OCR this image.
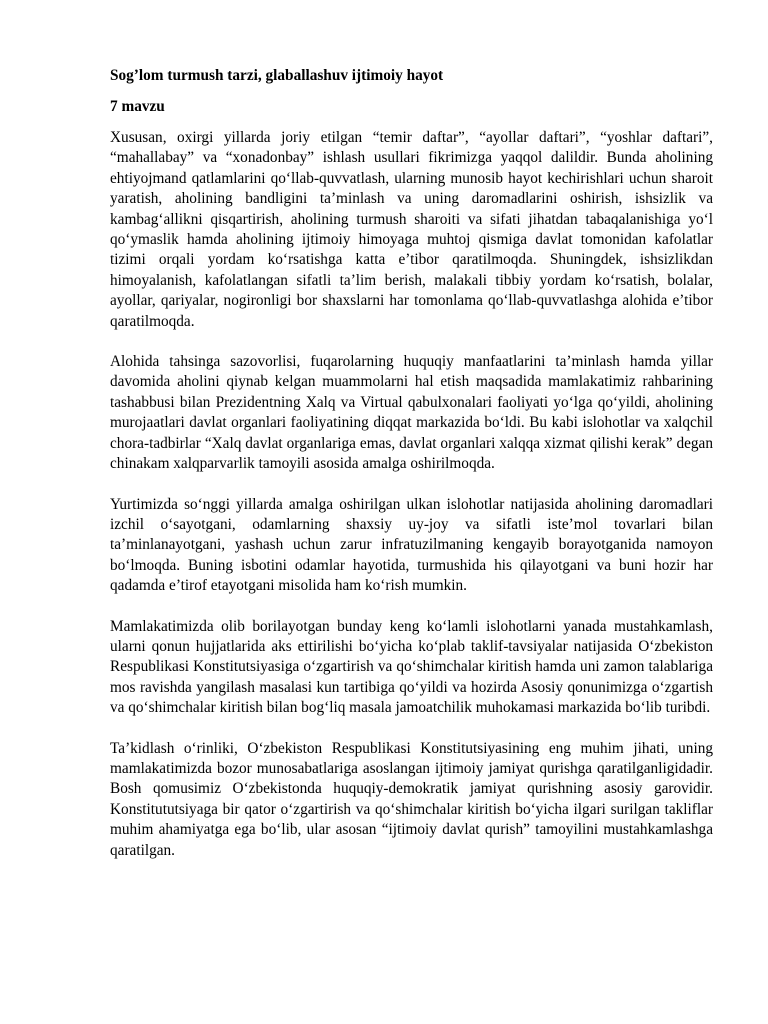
Sog’lom turmush tarzi, glaballashuv ijtimoiy hayot
7 mavzu

Xususan, oxirgi yillarda joriy etilgan “temir daftar”, “ayollar daftari”, “yoshlar daftari”, “mahallabay” va “xonadonbay” ishlash usullari fikrimizga yaqqol dalildir. Bunda aholining ehtiyojmand qatlamlarini qo‘llab-quvvatlash, ularning munosib hayot kechirishlari uchun sharoit yaratish, aholining bandligini ta’minlash va uning daromadlarini oshirish, ishsizlik va kambag‘allikni qisqartirish, aholining turmush sharoiti va sifati jihatdan tabaqalanishiga yo‘l qo‘ymaslik hamda aholining ijtimoiy himoyaga muhtoj qismiga davlat tomonidan kafolatlar tizimi orqali yordam ko‘rsatishga katta e’tibor qaratilmoqda. Shuningdek, ishsizlikdan himoyalanish, kafolatlangan sifatli ta’lim berish, malakali tibbiy yordam ko‘rsatish, bolalar, ayollar, qariyalar, nogironligi bor shaxslarni har tomonlama qo‘llab-quvvatlashga alohida e’tibor qaratilmoqda.

Alohida tahsinga sazovorlisi, fuqarolarning huquqiy manfaatlarini ta’minlash hamda yillar davomida aholini qiynab kelgan muammolarni hal etish maqsadida mamlakatimiz rahbarining tashabbusi bilan Prezidentning Xalq va Virtual qabulxonalari faoliyati yo‘lga qo‘yildi, aholining murojaatlari davlat organlari faoliyatining diqqat markazida bo‘ldi. Bu kabi islohotlar va xalqchil chora-tadbirlar “Xalq davlat organlariga emas, davlat organlari xalqqa xizmat qilishi kerak” degan chinakam xalqparvarlik tamoyili asosida amalga oshirilmoqda.

Yurtimizda so‘nggi yillarda amalga oshirilgan ulkan islohotlar natijasida aholining daromadlari izchil o‘sayotgani, odamlarning shaxsiy uy-joy va sifatli iste’mol tovarlari bilan ta’minlanayotgani, yashash uchun zarur infratuzilmaning kengayib borayotganida namoyon bo‘lmoqda. Buning isbotini odamlar hayotida, turmushida his qilayotgani va buni hozir har qadamda e’tirof etayotgani misolida ham ko‘rish mumkin.

Mamlakatimizda olib borilayotgan bunday keng ko‘lamli islohotlarni yanada mustahkamlash, ularni qonun hujjatlarida aks ettirilishi bo‘yicha ko‘plab taklif-tavsiyalar natijasida O‘zbekiston Respublikasi Konstitutsiyasiga o‘zgartirish va qo‘shimchalar kiritish hamda uni zamon talablariga mos ravishda yangilash masalasi kun tartibiga qo‘yildi va hozirda Asosiy qonunimizga o‘zgartish va qo‘shimchalar kiritish bilan bog‘liq masala jamoatchilik muhokamasi markazida bo‘lib turibdi.

Ta’kidlash o‘rinliki, O‘zbekiston Respublikasi Konstitutsiyasining eng muhim jihati, uning mamlakatimizda bozor munosabatlariga asoslangan ijtimoiy jamiyat qurishga qaratilganligidadir. Bosh qomusimiz O‘zbekistonda huquqiy-demokratik jamiyat qurishning asosiy garovidir. Konstitututsiyaga bir qator o‘zgartirish va qo‘shimchalar kiritish bo‘yicha ilgari surilgan takliflar muhim ahamiyatga ega bo‘lib, ular asosan “ijtimoiy davlat qurish” tamoyilini mustahkamlashga qaratilgan.
